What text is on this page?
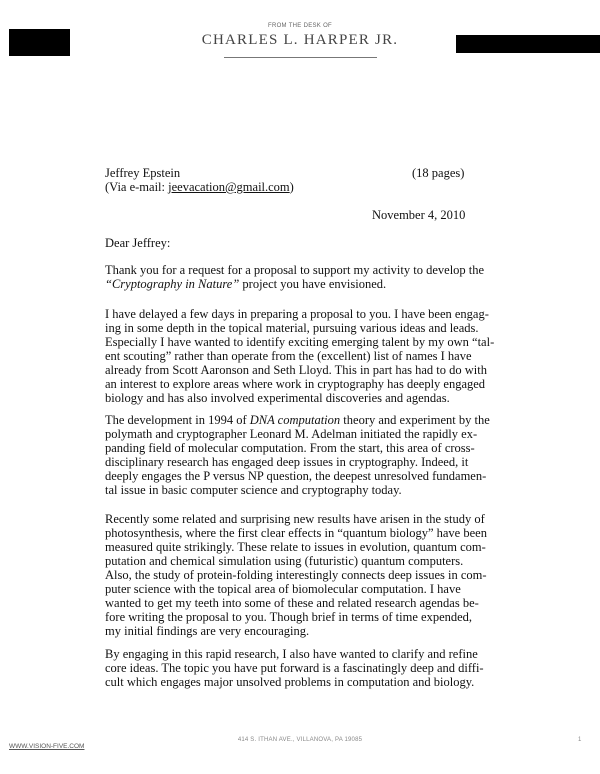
FROM THE DESK OF
CHARLES L. HARPER JR.
Jeffrey Epstein	(18 pages)
(Via e-mail: jeevacation@gmail.com)
November 4, 2010
Dear Jeffrey:
Thank you for a request for a proposal to support my activity to develop the
“Cryptography in Nature” project you have envisioned.
I have delayed a few days in preparing a proposal to you. I have been engag-
ing in some depth in the topical material, pursuing various ideas and leads.
Especially I have wanted to identify exciting emerging talent by my own “tal-
ent scouting” rather than operate from the (excellent) list of names I have
already from Scott Aaronson and Seth Lloyd. This in part has had to do with
an interest to explore areas where work in cryptography has deeply engaged
biology and has also involved experimental discoveries and agendas.
The development in 1994 of DNA computation theory and experiment by the
polymath and cryptographer Leonard M. Adelman initiated the rapidly ex-
panding field of molecular computation. From the start, this area of cross-
disciplinary research has engaged deep issues in cryptography. Indeed, it
deeply engages the P versus NP question, the deepest unresolved fundamen-
tal issue in basic computer science and cryptography today.
Recently some related and surprising new results have arisen in the study of
photosynthesis, where the first clear effects in “quantum biology” have been
measured quite strikingly. These relate to issues in evolution, quantum com-
putation and chemical simulation using (futuristic) quantum computers.
Also, the study of protein-folding interestingly connects deep issues in com-
puter science with the topical area of biomolecular computation. I have
wanted to get my teeth into some of these and related research agendas be-
fore writing the proposal to you. Though brief in terms of time expended,
my initial findings are very encouraging.
By engaging in this rapid research, I also have wanted to clarify and refine
core ideas. The topic you have put forward is a fascinatingly deep and diffi-
cult which engages major unsolved problems in computation and biology.
WWW.VISION-FIVE.COM
414 S. ITHAN AVE., VILLANOVA, PA 19085	1
